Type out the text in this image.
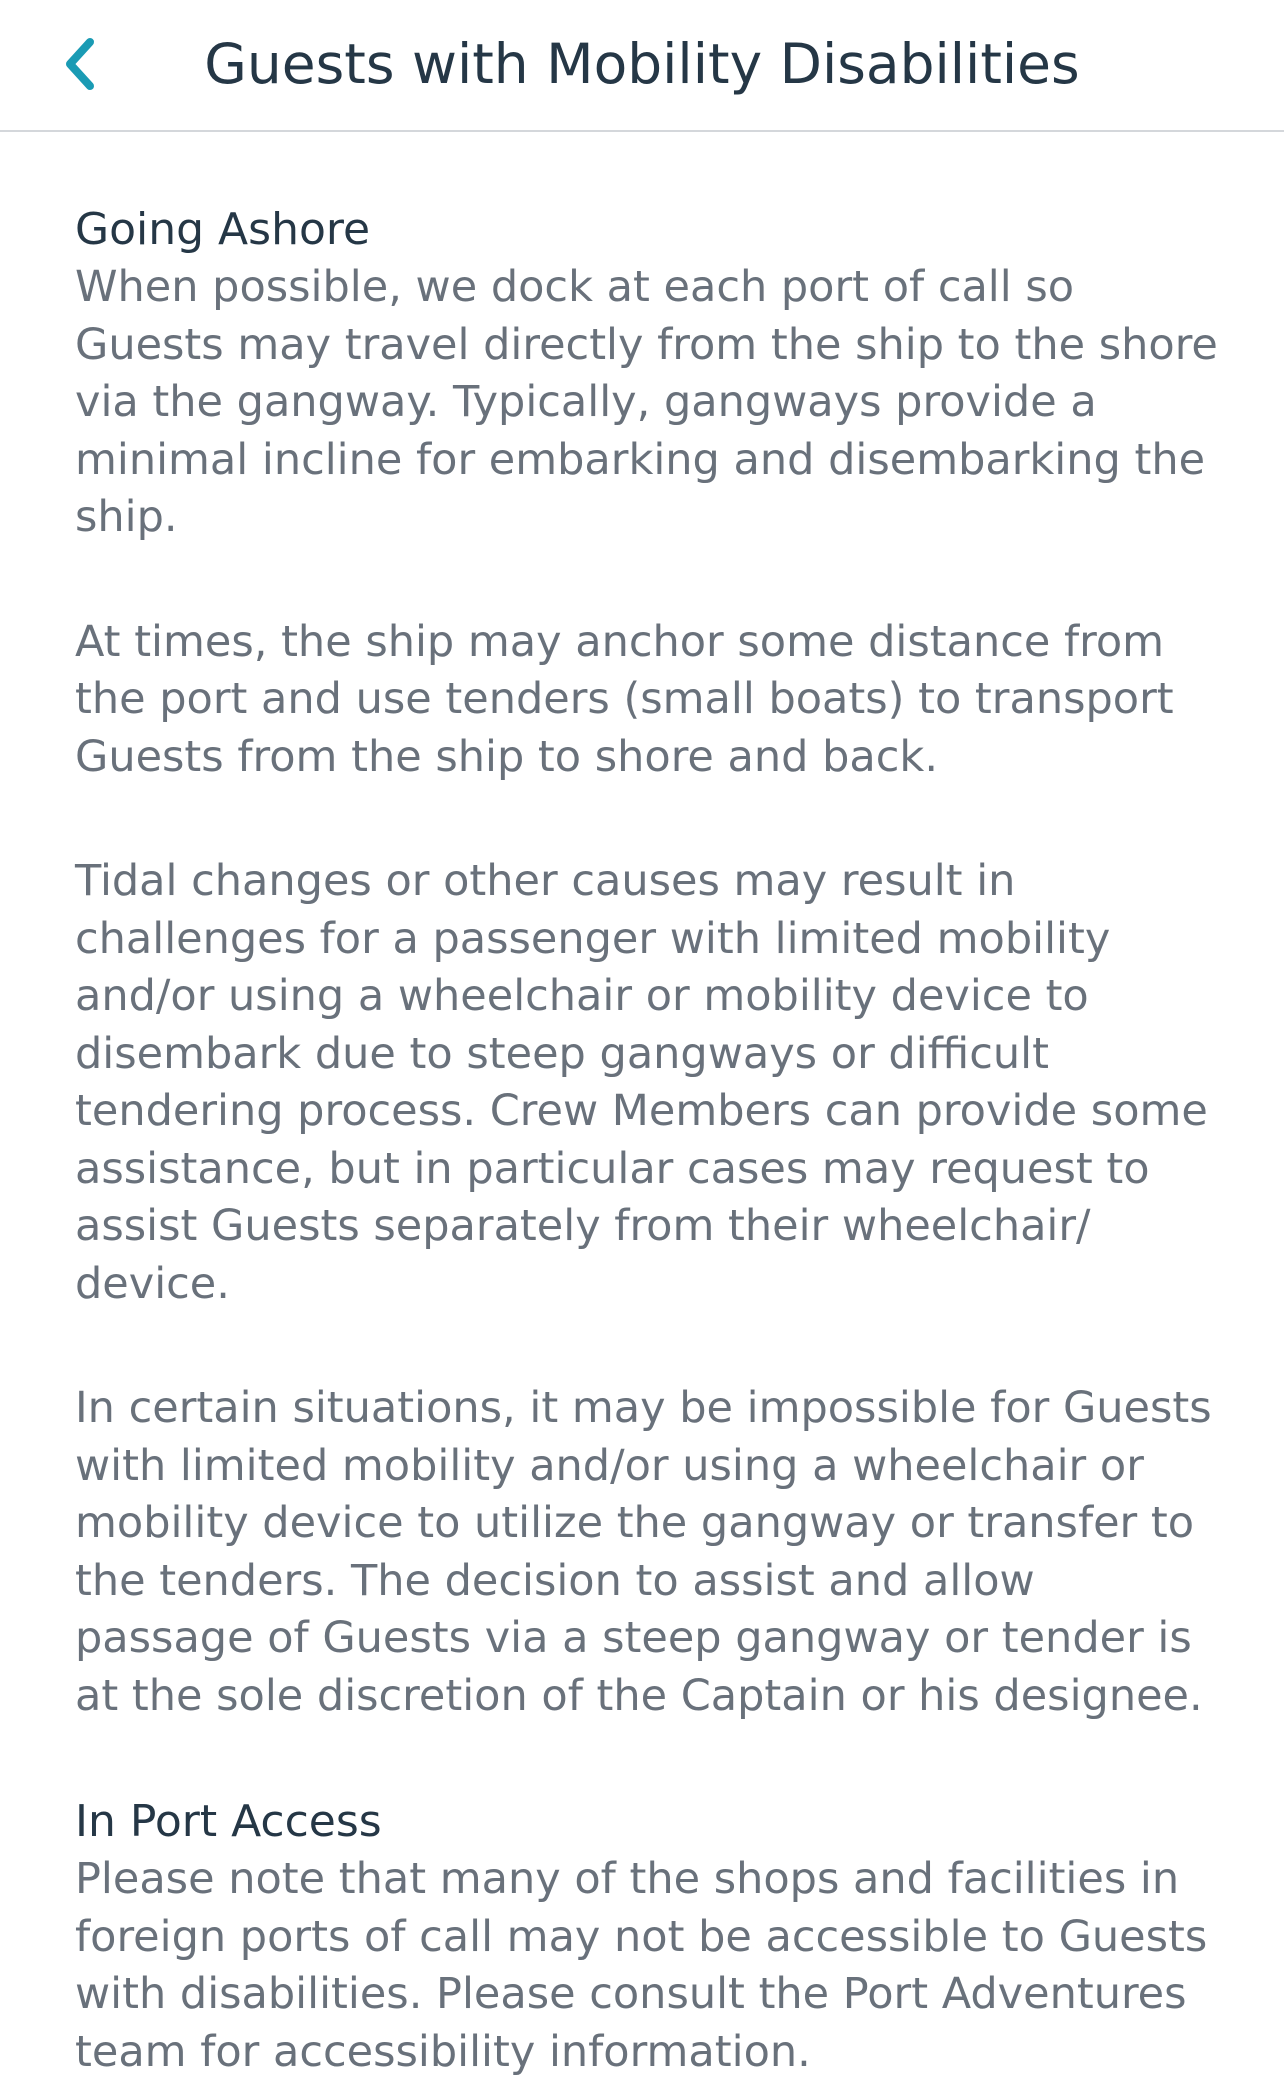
Guests with Mobility Disabilities
Going Ashore

When possible, we dock at each port of call so Guests may travel directly from the ship to the shore via the gangway. Typically, gangways provide a minimal incline for embarking and disembarking the ship.

At times, the ship may anchor some distance from the port and use tenders (small boats) to transport Guests from the ship to shore and back.

Tidal changes or other causes may result in challenges for a passenger with limited mobility and/or using a wheelchair or mobility device to disembark due to steep gangways or difficult tendering process. Crew Members can provide some assistance, but in particular cases may request to assist Guests separately from their wheelchair/ device.

In certain situations, it may be impossible for Guests with limited mobility and/or using a wheelchair or mobility device to utilize the gangway or transfer to the tenders. The decision to assist and allow passage of Guests via a steep gangway or tender is at the sole discretion of the Captain or his designee.

In Port Access

Please note that many of the shops and facilities in foreign ports of call may not be accessible to Guests with disabilities. Please consult the Port Adventures team for accessibility information.
